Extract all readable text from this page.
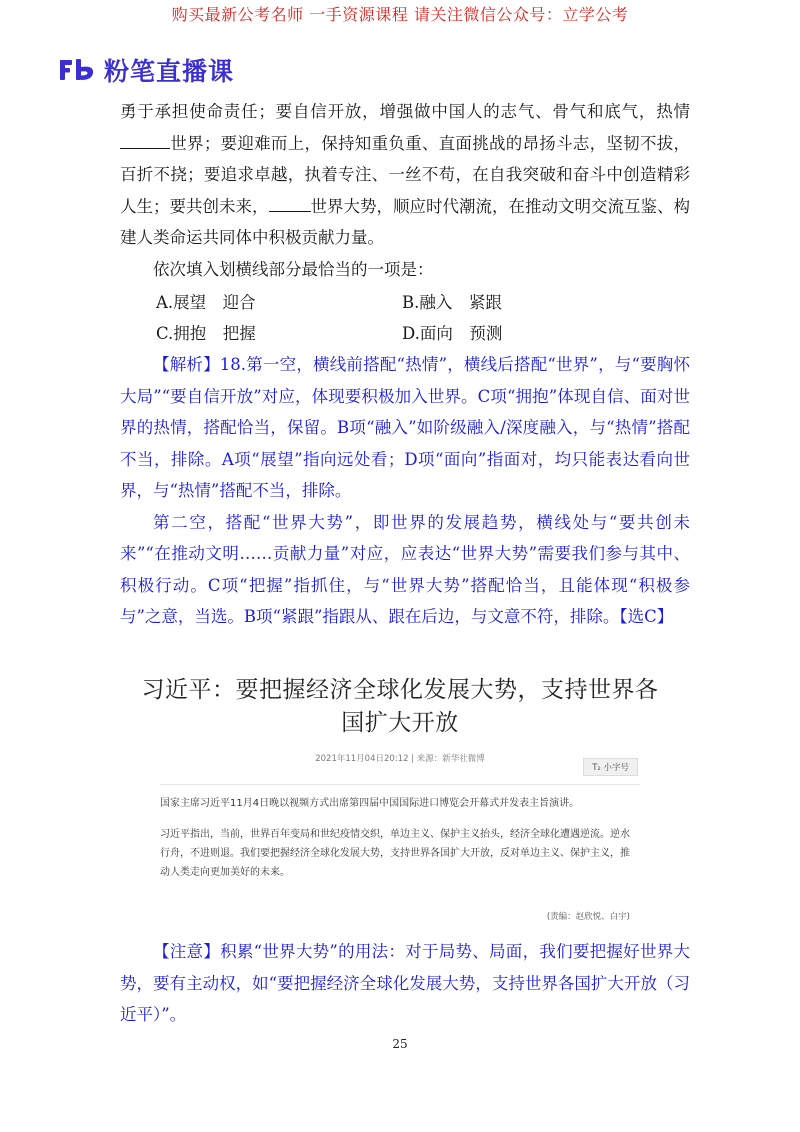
购买最新公考名师 一手资源课程 请关注微信公众号：立学公考
粉笔直播课

勇于承担使命责任；要自信开放，增强做中国人的志气、骨气和底气，热情世界；要迎难而上，保持知重负重、直面挑战的昂扬斗志，坚韧不拔，百折不挠；要追求卓越，执着专注、一丝不苟，在自我突破和奋斗中创造精彩人生；要共创未来，	世界大势，顺应时代潮流，在推动文明交流互鉴、构建人类命运共同体中积极贡献力量。

依次填入划横线部分最恰当的一项是：

A.展望　迎合	B.融入　紧跟
C.拥抱　把握	D.面向　预测

【解析】18.第一空，横线前搭配“热情”，横线后搭配“世界”，与“要胸怀大局”“要自信开放”对应，体现要积极加入世界。C项“拥抱”体现自信、面对世界的热情，搭配恰当，保留。B项“融入”如阶级融入/深度融入，与“热情”搭配不当，排除。A项“展望”指向远处看；D项“面向”指面对，均只能表达看向世界，与“热情”搭配不当，排除。

第二空，搭配“世界大势”，即世界的发展趋势，横线处与“要共创未来”“在推动文明……贡献力量”对应，应表达“世界大势”需要我们参与其中、积极行动。C项“把握”指抓住，与“世界大势”搭配恰当，且能体现“积极参与”之意，当选。B项“紧跟”指跟从、跟在后边，与文意不符，排除。【选C】

习近平：要把握经济全球化发展大势，支持世界各国扩大开放
2021年11月04日20:12 | 来源：新华社微博
T₂ 小字号

国家主席习近平11月4日晚以视频方式出席第四届中国国际进口博览会开幕式并发表主旨演讲。

习近平指出，当前，世界百年变局和世纪疫情交织，单边主义、保护主义抬头，经济全球化遭遇逆流。逆水行舟，不进则退。我们要把握经济全球化发展大势，支持世界各国扩大开放，反对单边主义、保护主义，推动人类走向更加美好的未来。

(责编：赵欣悦、白宇)

【注意】积累“世界大势”的用法：对于局势、局面，我们要把握好世界大势，要有主动权，如“要把握经济全球化发展大势，支持世界各国扩大开放（习近平）”。

25
